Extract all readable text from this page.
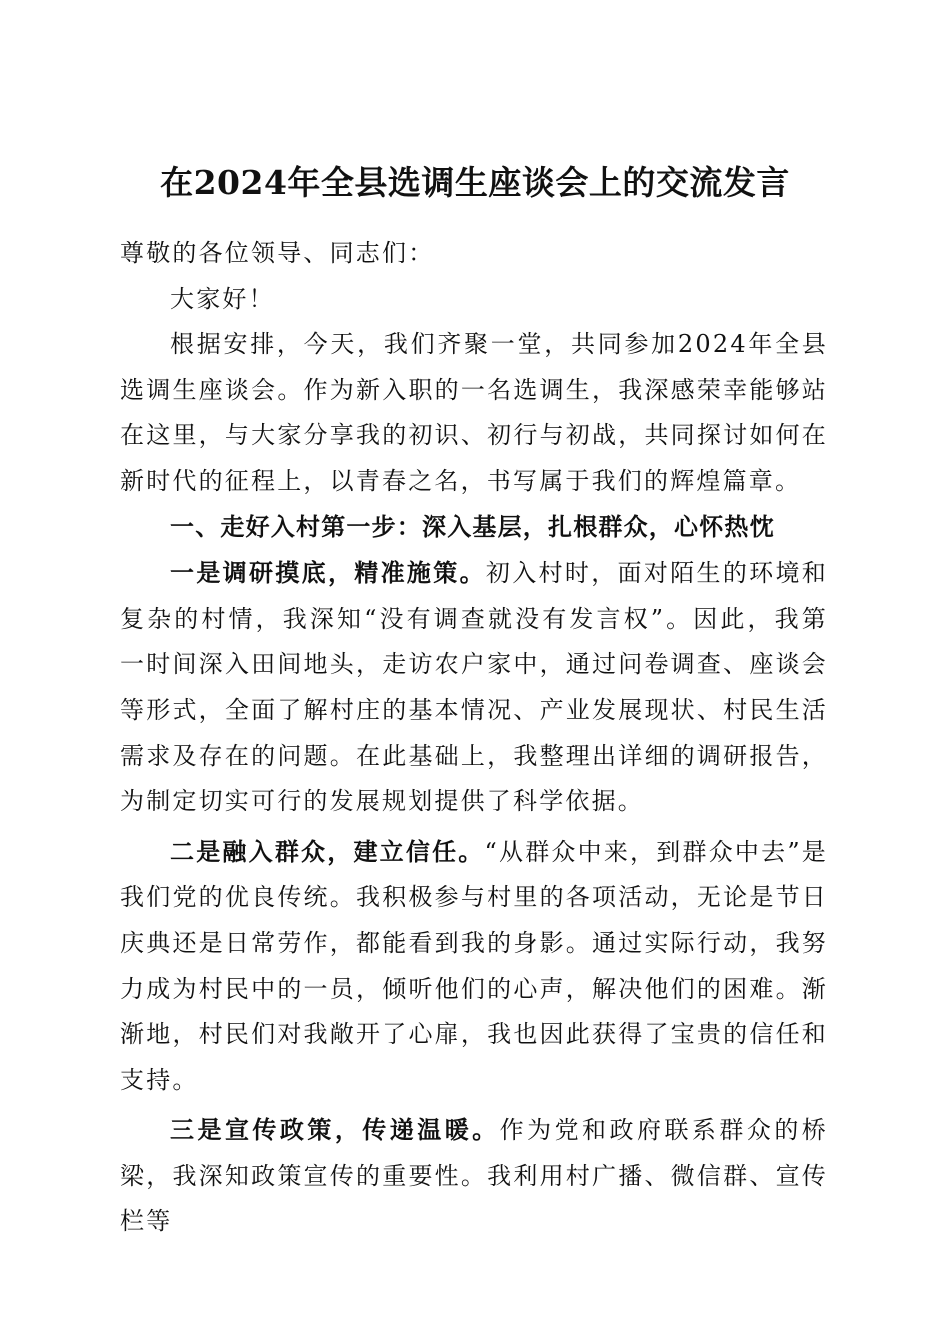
在2024年全县选调生座谈会上的交流发言

尊敬的各位领导、同志们：

大家好！

根据安排，今天，我们齐聚一堂，共同参加2024年全县选调生座谈会。作为新入职的一名选调生，我深感荣幸能够站在这里，与大家分享我的初识、初行与初战，共同探讨如何在新时代的征程上，以青春之名，书写属于我们的辉煌篇章。

一、走好入村第一步：深入基层，扎根群众，心怀热忱

一是调研摸底，精准施策。初入村时，面对陌生的环境和复杂的村情，我深知“没有调查就没有发言权”。因此，我第一时间深入田间地头，走访农户家中，通过问卷调查、座谈会等形式，全面了解村庄的基本情况、产业发展现状、村民生活需求及存在的问题。在此基础上，我整理出详细的调研报告，为制定切实可行的发展规划提供了科学依据。

二是融入群众，建立信任。“从群众中来，到群众中去”是我们党的优良传统。我积极参与村里的各项活动，无论是节日庆典还是日常劳作，都能看到我的身影。通过实际行动，我努力成为村民中的一员，倾听他们的心声，解决他们的困难。渐渐地，村民们对我敞开了心扉，我也因此获得了宝贵的信任和支持。

三是宣传政策，传递温暖。作为党和政府联系群众的桥梁，我深知政策宣传的重要性。我利用村广播、微信群、宣传栏等
